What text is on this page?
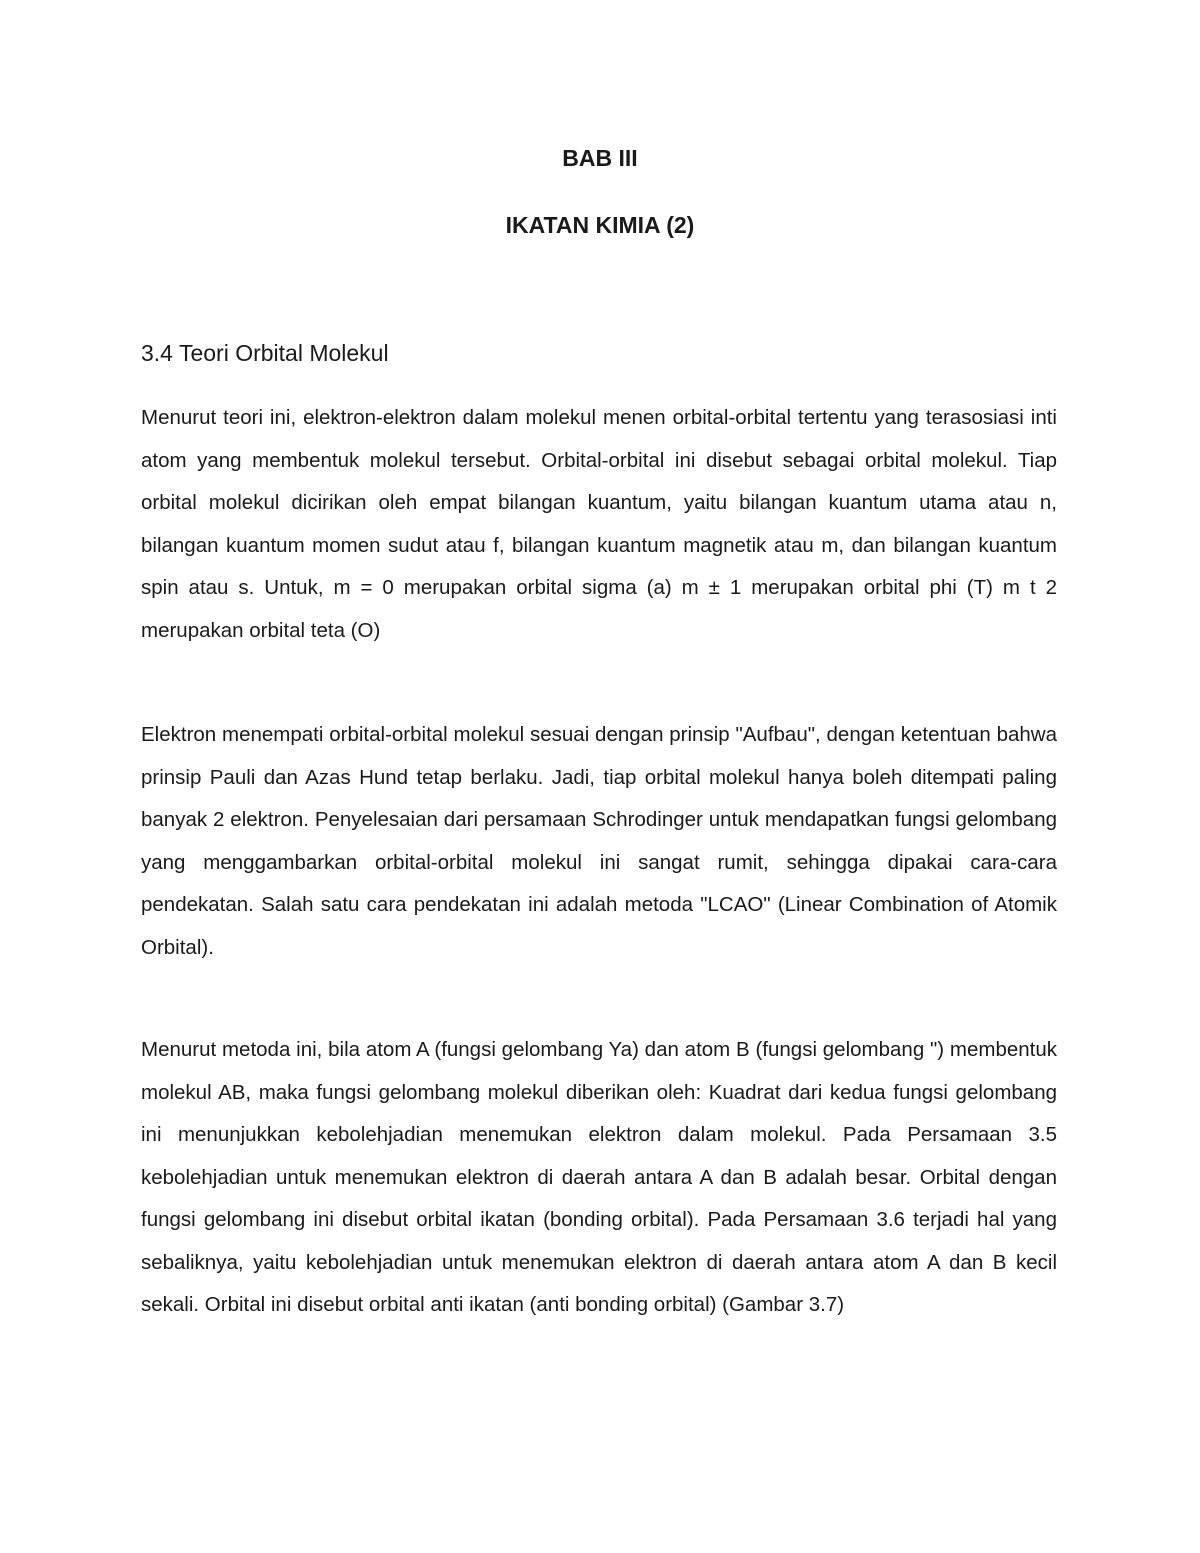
BAB III
IKATAN KIMIA (2)
3.4 Teori Orbital Molekul

Menurut teori ini, elektron-elektron dalam molekul menen orbital-orbital tertentu yang terasosiasi inti atom yang membentuk molekul tersebut. Orbital-orbital ini disebut sebagai orbital molekul. Tiap orbital molekul dicirikan oleh empat bilangan kuantum, yaitu bilangan kuantum utama atau n, bilangan kuantum momen sudut atau f, bilangan kuantum magnetik atau m, dan bilangan kuantum spin atau s. Untuk, m = 0 merupakan orbital sigma (a) m ± 1 merupakan orbital phi (T) m t 2 merupakan orbital teta (O)

Elektron menempati orbital-orbital molekul sesuai dengan prinsip "Aufbau", dengan ketentuan bahwa prinsip Pauli dan Azas Hund tetap berlaku. Jadi, tiap orbital molekul hanya boleh ditempati paling banyak 2 elektron. Penyelesaian dari persamaan Schrodinger untuk mendapatkan fungsi gelombang yang menggambarkan orbital-orbital molekul ini sangat rumit, sehingga dipakai cara-cara pendekatan. Salah satu cara pendekatan ini adalah metoda "LCAO" (Linear Combination of Atomik Orbital).

Menurut metoda ini, bila atom A (fungsi gelombang Ya) dan atom B (fungsi gelombang ") membentuk molekul AB, maka fungsi gelombang molekul diberikan oleh: Kuadrat dari kedua fungsi gelombang ini menunjukkan kebolehjadian menemukan elektron dalam molekul. Pada Persamaan 3.5 kebolehjadian untuk menemukan elektron di daerah antara A dan B adalah besar. Orbital dengan fungsi gelombang ini disebut orbital ikatan (bonding orbital). Pada Persamaan 3.6 terjadi hal yang sebaliknya, yaitu kebolehjadian untuk menemukan elektron di daerah antara atom A dan B kecil sekali. Orbital ini disebut orbital anti ikatan (anti bonding orbital) (Gambar 3.7)
